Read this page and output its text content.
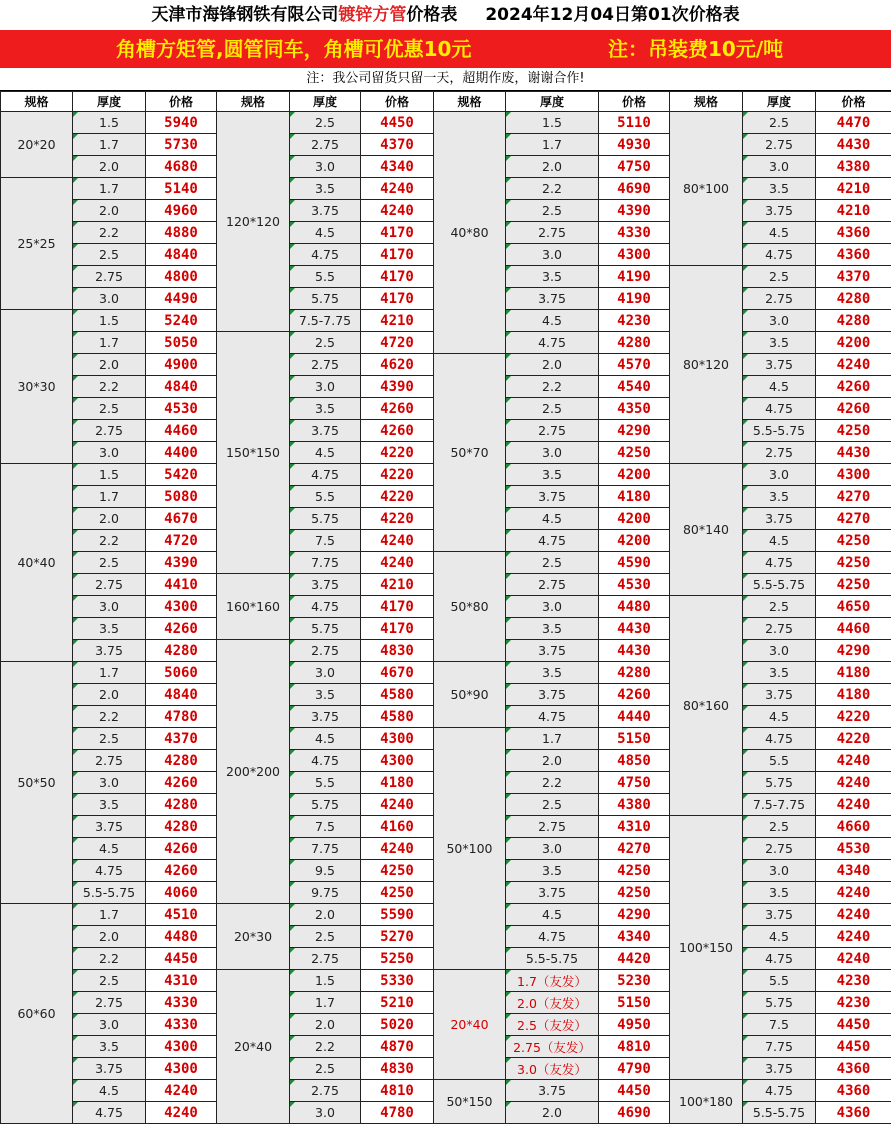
天津市海锋钢铁有限公司镀锌方管价格表 2024年12月04日第01次价格表
角槽方矩管,圆管同车，角槽可优惠10元	注：吊装费10元/吨
注：我公司留货只留一天，超期作废，谢谢合作!
规格	厚度	价格	规格	厚度	价格	规格	厚度	价格	规格	厚度	价格
20*20	1.5	5940	120*120	2.5	4450	40*80	1.5	5110	80*100	2.5	4470
	1.7	5730		2.75	4370		1.7	4930		2.75	4430
	2.0	4680		3.0	4340		2.0	4750		3.0	4380
25*25	1.7	5140		3.5	4240		2.2	4690		3.5	4210
	2.0	4960		3.75	4240		2.5	4390		3.75	4210
	2.2	4880		4.5	4170		2.75	4330		4.5	4360
	2.5	4840		4.75	4170		3.0	4300		4.75	4360
	2.75	4800		5.5	4170		3.5	4190	80*120	2.5	4370
	3.0	4490		5.75	4170		3.75	4190		2.75	4280
30*30	1.5	5240		7.5-7.75	4210		4.5	4230		3.0	4280
	1.7	5050	150*150	2.5	4720		4.75	4280		3.5	4200
	2.0	4900		2.75	4620	50*70	2.0	4570		3.75	4240
	2.2	4840		3.0	4390		2.2	4540		4.5	4260
	2.5	4530		3.5	4260		2.5	4350		4.75	4260
	2.75	4460		3.75	4260		2.75	4290		5.5-5.75	4250
	3.0	4400		4.5	4220		3.0	4250		2.75	4430
40*40	1.5	5420		4.75	4220		3.5	4200	80*140	3.0	4300
	1.7	5080		5.5	4220		3.75	4180		3.5	4270
	2.0	4670		5.75	4220		4.5	4200		3.75	4270
	2.2	4720		7.5	4240		4.75	4200		4.5	4250
	2.5	4390		7.75	4240	50*80	2.5	4590		4.75	4250
	2.75	4410	160*160	3.75	4210		2.75	4530		5.5-5.75	4250
	3.0	4300		4.75	4170		3.0	4480	80*160	2.5	4650
	3.5	4260		5.75	4170		3.5	4430		2.75	4460
	3.75	4280	200*200	2.75	4830		3.75	4430		3.0	4290
50*50	1.7	5060		3.0	4670	50*90	3.5	4280		3.5	4180
	2.0	4840		3.5	4580		3.75	4260		3.75	4180
	2.2	4780		3.75	4580		4.75	4440		4.5	4220
	2.5	4370		4.5	4300	50*100	1.7	5150		4.75	4220
	2.75	4280		4.75	4300		2.0	4850		5.5	4240
	3.0	4260		5.5	4180		2.2	4750		5.75	4240
	3.5	4280		5.75	4240		2.5	4380		7.5-7.75	4240
	3.75	4280		7.5	4160		2.75	4310	100*150	2.5	4660
	4.5	4260		7.75	4240		3.0	4270		2.75	4530
	4.75	4260		9.5	4250		3.5	4250		3.0	4340
	5.5-5.75	4060		9.75	4250		3.75	4250		3.5	4240
60*60	1.7	4510	20*30	2.0	5590		4.5	4290		3.75	4240
	2.0	4480		2.5	5270		4.75	4340		4.5	4240
	2.2	4450		2.75	5250		5.5-5.75	4420		4.75	4240
	2.5	4310	20*40	1.5	5330	20*40	1.7（友发）	5230		5.5	4230
	2.75	4330		1.7	5210		2.0（友发）	5150		5.75	4230
	3.0	4330		2.0	5020		2.5（友发）	4950		7.5	4450
	3.5	4300		2.2	4870		2.75（友发）	4810		7.75	4450
	3.75	4300		2.5	4830		3.0（友发）	4790		3.75	4360
	4.5	4240		2.75	4810	50*150	3.75	4450	100*180	4.75	4360
	4.75	4240		3.0	4780		2.0	4690		5.5-5.75	4360
